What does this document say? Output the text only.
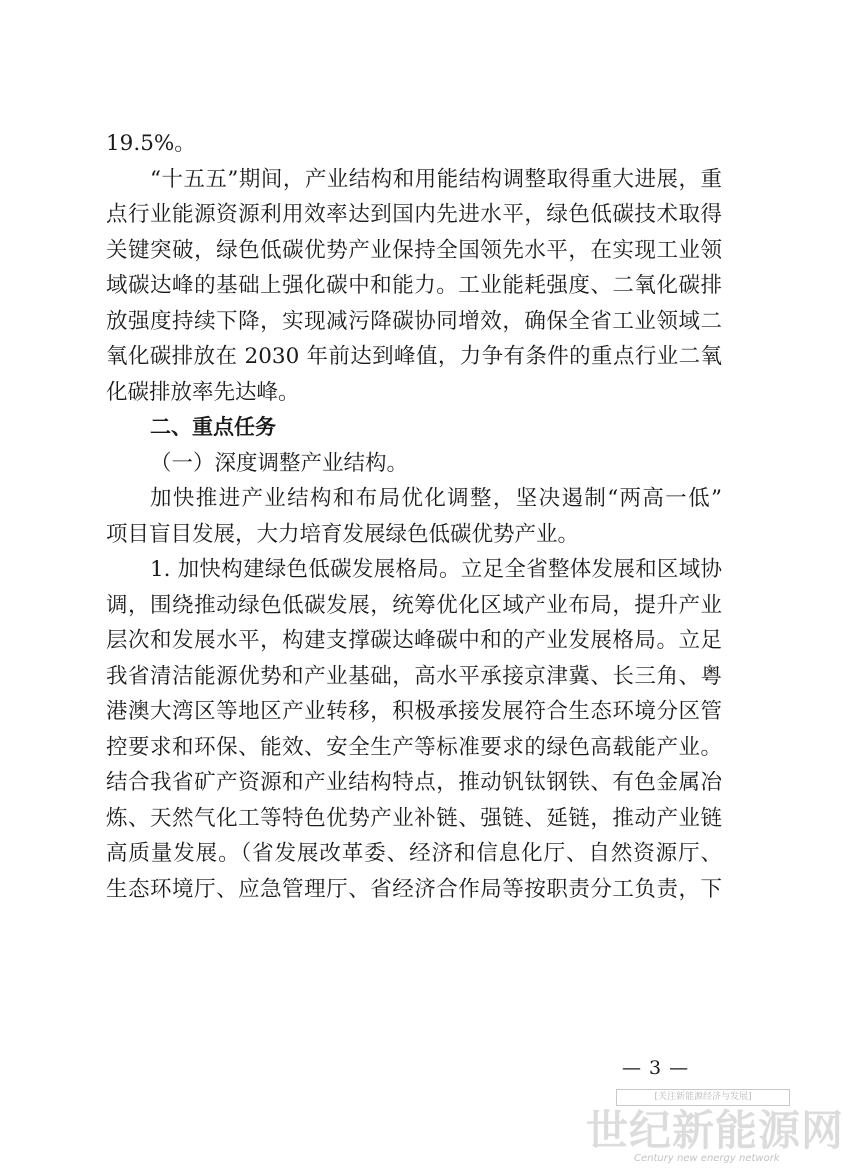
19.5%。
“十五五”期间，产业结构和用能结构调整取得重大进展，重
点行业能源资源利用效率达到国内先进水平，绿色低碳技术取得
关键突破，绿色低碳优势产业保持全国领先水平，在实现工业领
域碳达峰的基础上强化碳中和能力。工业能耗强度、二氧化碳排
放强度持续下降，实现减污降碳协同增效，确保全省工业领域二
氧化碳排放在 2030 年前达到峰值，力争有条件的重点行业二氧
化碳排放率先达峰。
二、重点任务
（一）深度调整产业结构。
加快推进产业结构和布局优化调整，坚决遏制“两高一低”
项目盲目发展，大力培育发展绿色低碳优势产业。
1. 加快构建绿色低碳发展格局。立足全省整体发展和区域协
调，围绕推动绿色低碳发展，统筹优化区域产业布局，提升产业
层次和发展水平，构建支撑碳达峰碳中和的产业发展格局。立足
我省清洁能源优势和产业基础，高水平承接京津冀、长三角、粤
港澳大湾区等地区产业转移，积极承接发展符合生态环境分区管
控要求和环保、能效、安全生产等标准要求的绿色高载能产业。
结合我省矿产资源和产业结构特点，推动钒钛钢铁、有色金属冶
炼、天然气化工等特色优势产业补链、强链、延链，推动产业链
高质量发展。（省发展改革委、经济和信息化厅、自然资源厅、
生态环境厅、应急管理厅、省经济合作局等按职责分工负责，下
— 3 —
[关注新能源经济与发展]
世纪新能源网
Century new energy network
